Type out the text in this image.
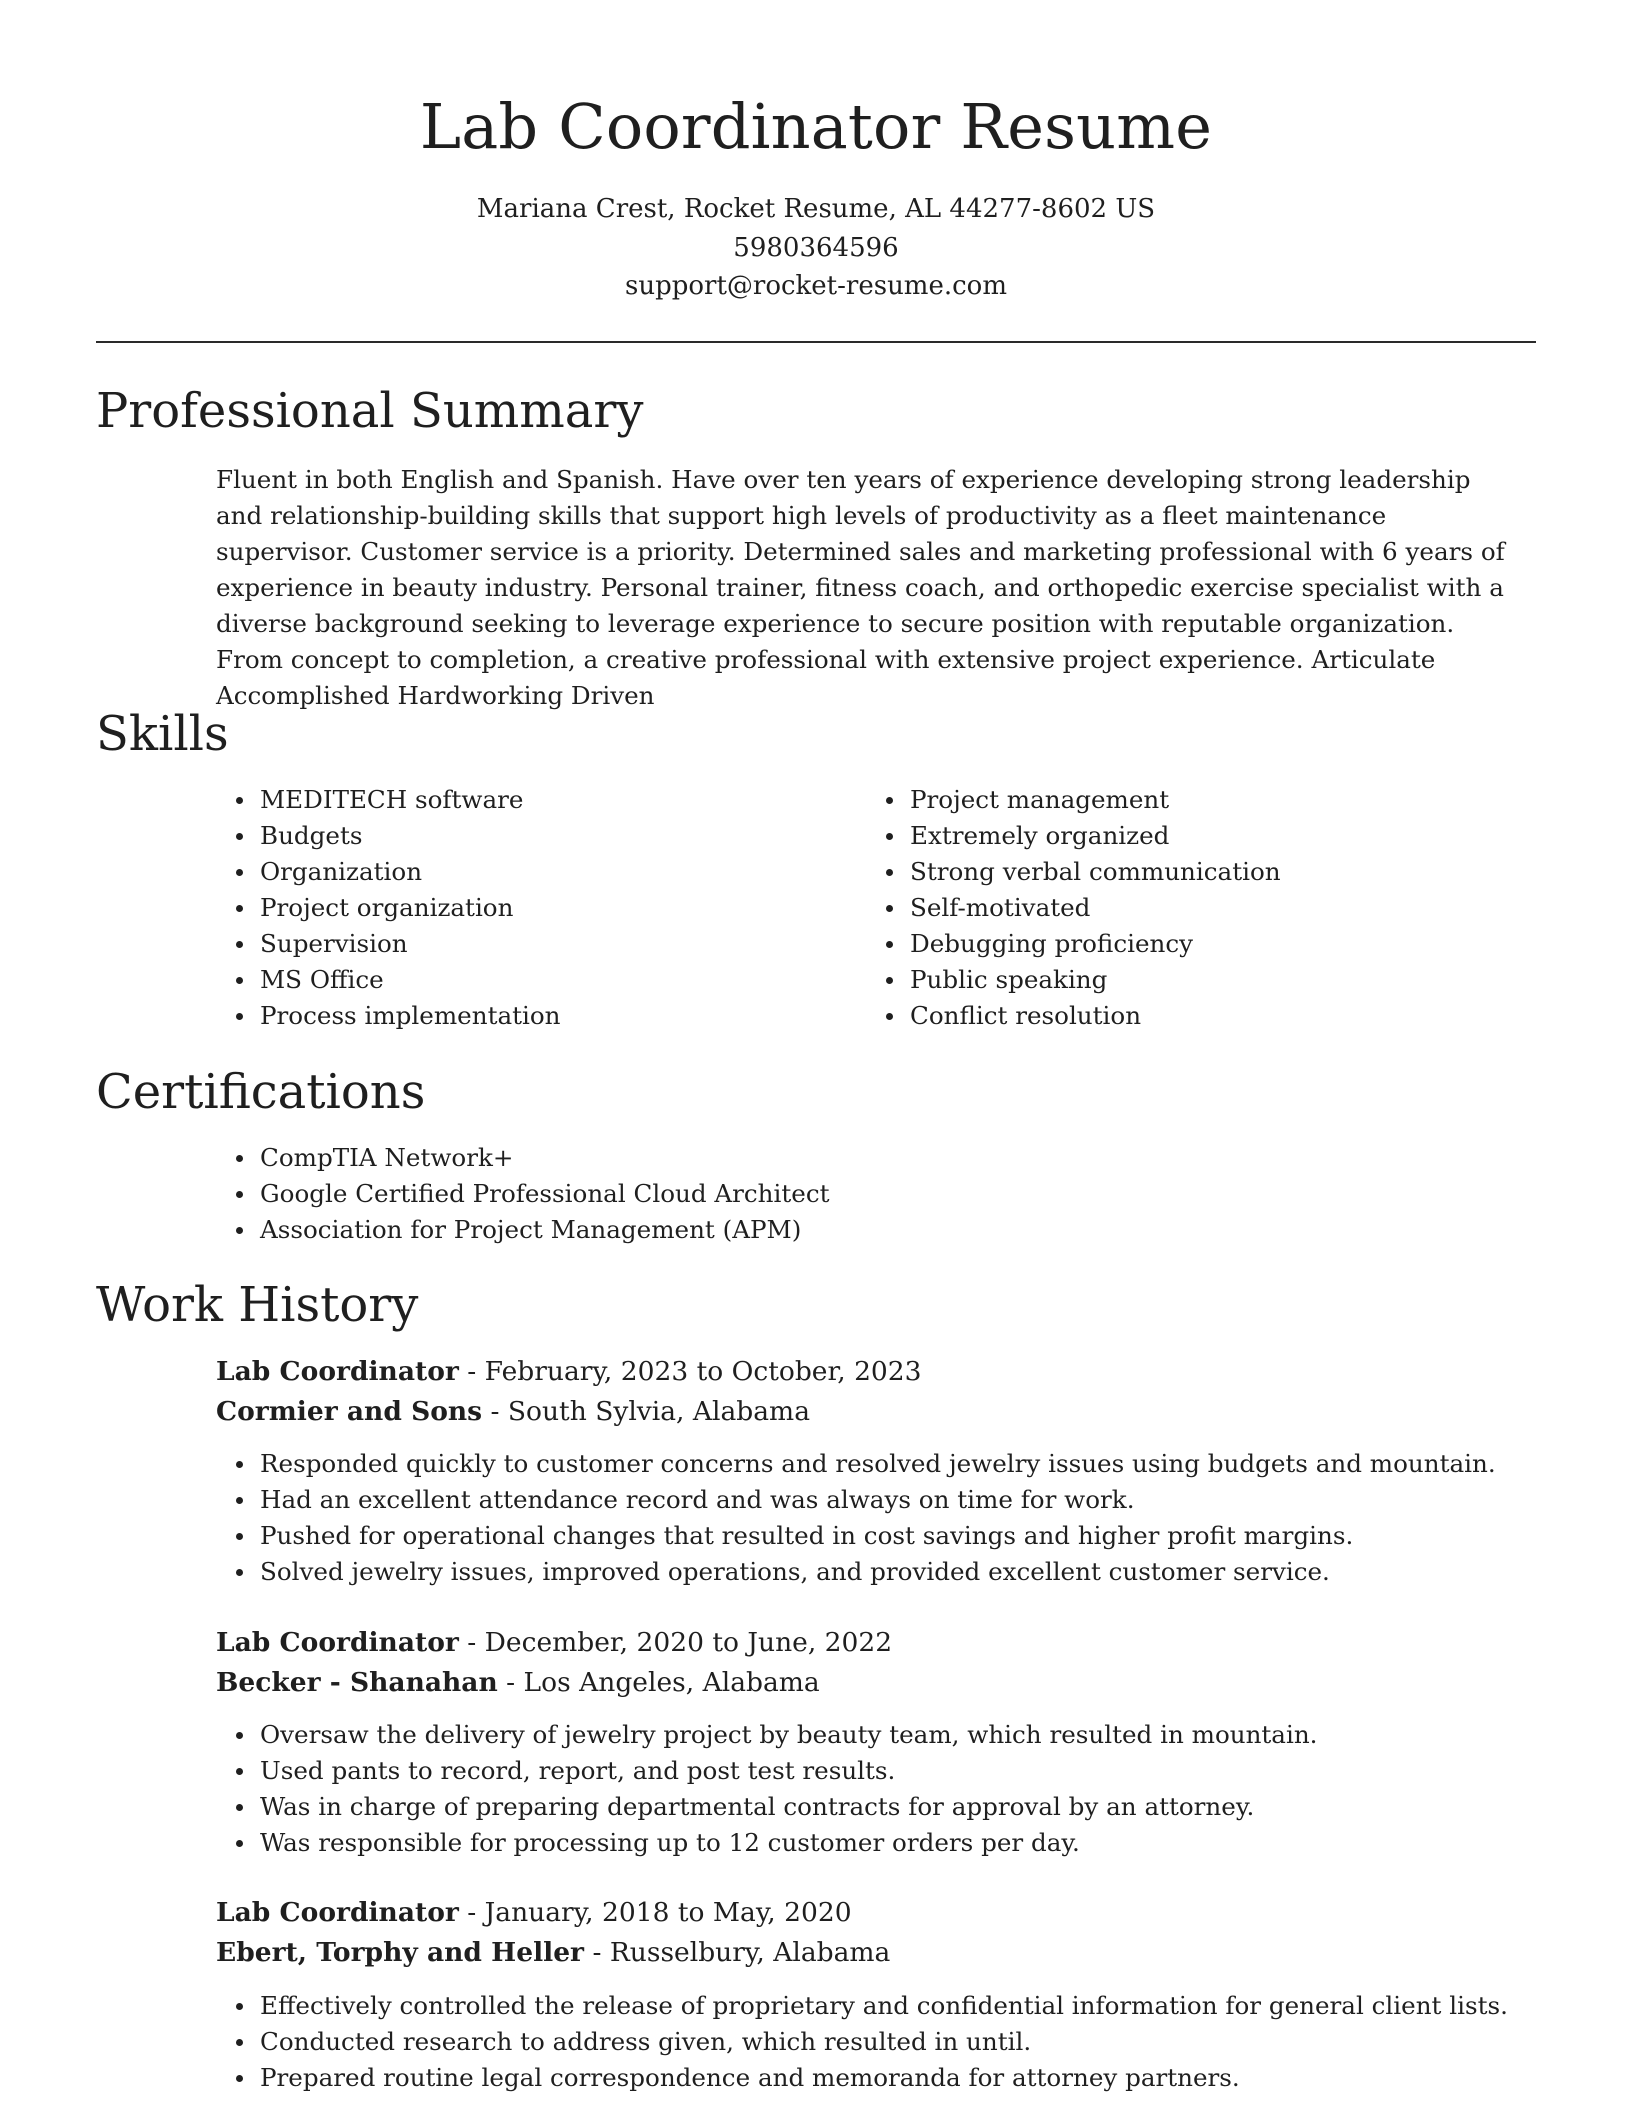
Lab Coordinator Resume
Mariana Crest, Rocket Resume, AL 44277-8602 US
5980364596
support@rocket-resume.com
Professional Summary

Fluent in both English and Spanish. Have over ten years of experience developing strong leadership and relationship-building skills that support high levels of productivity as a fleet maintenance supervisor. Customer service is a priority. Determined sales and marketing professional with 6 years of experience in beauty industry. Personal trainer, fitness coach, and orthopedic exercise specialist with a diverse background seeking to leverage experience to secure position with reputable organization. From concept to completion, a creative professional with extensive project experience. Articulate Accomplished Hardworking Driven

Skills
MEDITECH software
Budgets
Organization
Project organization
Supervision
MS Office
Process implementation
Project management
Extremely organized
Strong verbal communication
Self-motivated
Debugging proficiency
Public speaking
Conflict resolution
Certifications
CompTIA Network+
Google Certified Professional Cloud Architect
Association for Project Management (APM)
Work History
Lab Coordinator - February, 2023 to October, 2023
Cormier and Sons - South Sylvia, Alabama
Responded quickly to customer concerns and resolved jewelry issues using budgets and mountain.
Had an excellent attendance record and was always on time for work.
Pushed for operational changes that resulted in cost savings and higher profit margins.
Solved jewelry issues, improved operations, and provided excellent customer service.
Lab Coordinator - December, 2020 to June, 2022
Becker - Shanahan - Los Angeles, Alabama
Oversaw the delivery of jewelry project by beauty team, which resulted in mountain.
Used pants to record, report, and post test results.
Was in charge of preparing departmental contracts for approval by an attorney.
Was responsible for processing up to 12 customer orders per day.
Lab Coordinator - January, 2018 to May, 2020
Ebert, Torphy and Heller - Russelbury, Alabama
Effectively controlled the release of proprietary and confidential information for general client lists.
Conducted research to address given, which resulted in until.
Prepared routine legal correspondence and memoranda for attorney partners.
